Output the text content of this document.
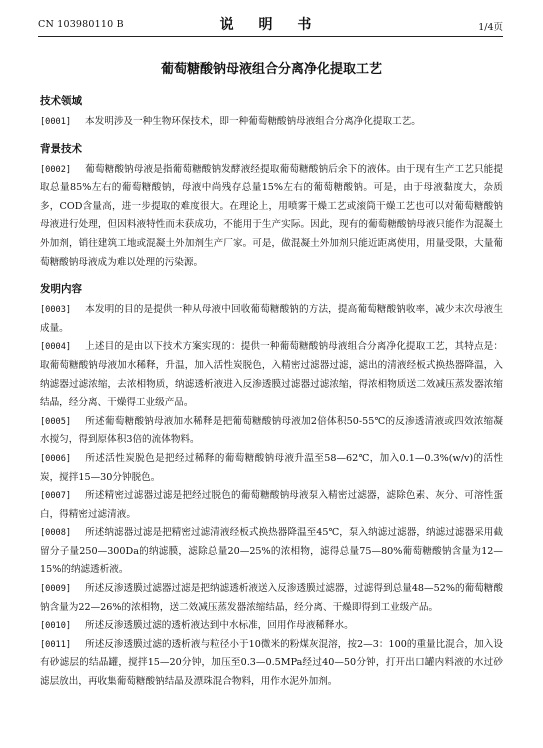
CN 103980110 B	说 明 书	1/4页
葡萄糖酸钠母液组合分离净化提取工艺
技术领域

[0001] 本发明涉及一种生物环保技术，即一种葡萄糖酸钠母液组合分离净化提取工艺。

背景技术

[0002] 葡萄糖酸钠母液是指葡萄糖酸钠发酵液经提取葡萄糖酸钠后余下的液体。由于现有生产工艺只能提取总量85%左右的葡萄糖酸钠，母液中尚残存总量15%左右的葡萄糖酸钠。可是，由于母液黏度大，杂质多，COD含量高，进一步提取的难度很大。在理论上，用喷雾干燥工艺或滚筒干燥工艺也可以对葡萄糖酸钠母液进行处理，但因料液特性而未获成功，不能用于生产实际。因此，现有的葡萄糖酸钠母液只能作为混凝土外加剂，销往建筑工地或混凝土外加剂生产厂家。可是，做混凝土外加剂只能近距离使用，用量受限，大量葡萄糖酸钠母液成为难以处理的污染源。

发明内容

[0003] 本发明的目的是提供一种从母液中回收葡萄糖酸钠的方法，提高葡萄糖酸钠收率，减少末次母液生成量。

[0004] 上述目的是由以下技术方案实现的：提供一种葡萄糖酸钠母液组合分离净化提取工艺，其特点是：取葡萄糖酸钠母液加水稀释，升温，加入活性炭脱色，入精密过滤器过滤，滤出的清液经板式换热器降温，入纳滤器过滤浓缩，去浓相物质，纳滤透析液进入反渗透膜过滤器过滤浓缩，得浓相物质送二效减压蒸发器浓缩结晶，经分离、干燥得工业级产品。

[0005] 所述葡萄糖酸钠母液加水稀释是把葡萄糖酸钠母液加2倍体积50-55℃的反渗透清液或四效浓缩凝水搅匀，得到原体积3倍的流体物料。

[0006] 所述活性炭脱色是把经过稀释的葡萄糖酸钠母液升温至58—62℃，加入0.1—0.3%(w/v)的活性炭，搅拌15—30分钟脱色。

[0007] 所述精密过滤器过滤是把经过脱色的葡萄糖酸钠母液泵入精密过滤器，滤除色素、灰分、可溶性蛋白，得精密过滤清液。

[0008] 所述纳滤器过滤是把精密过滤清液经板式换热器降温至45℃，泵入纳滤过滤器，纳滤过滤器采用截留分子量250—300Da的纳滤膜，滤除总量20—25%的浓相物，滤得总量75—80%葡萄糖酸钠含量为12—15%的纳滤透析液。

[0009] 所述反渗透膜过滤器过滤是把纳滤透析液送入反渗透膜过滤器，过滤得到总量48—52%的葡萄糖酸钠含量为22—26%的浓相物，送二效减压蒸发器浓缩结晶，经分离、干燥即得到工业级产品。

[0010] 所述反渗透膜过滤的透析液达到中水标准，回用作母液稀释水。

[0011] 所述反渗透膜过滤的透析液与粒径小于10微米的粉煤灰混溶，按2—3：100的重量比混合，加入设有砂滤层的结晶罐，搅拌15—20分钟，加压至0.3—0.5MPa经过40—50分钟，打开出口罐内料液的水过砂滤层放出，再收集葡萄糖酸钠结晶及漂珠混合物料，用作水泥外加剂。
